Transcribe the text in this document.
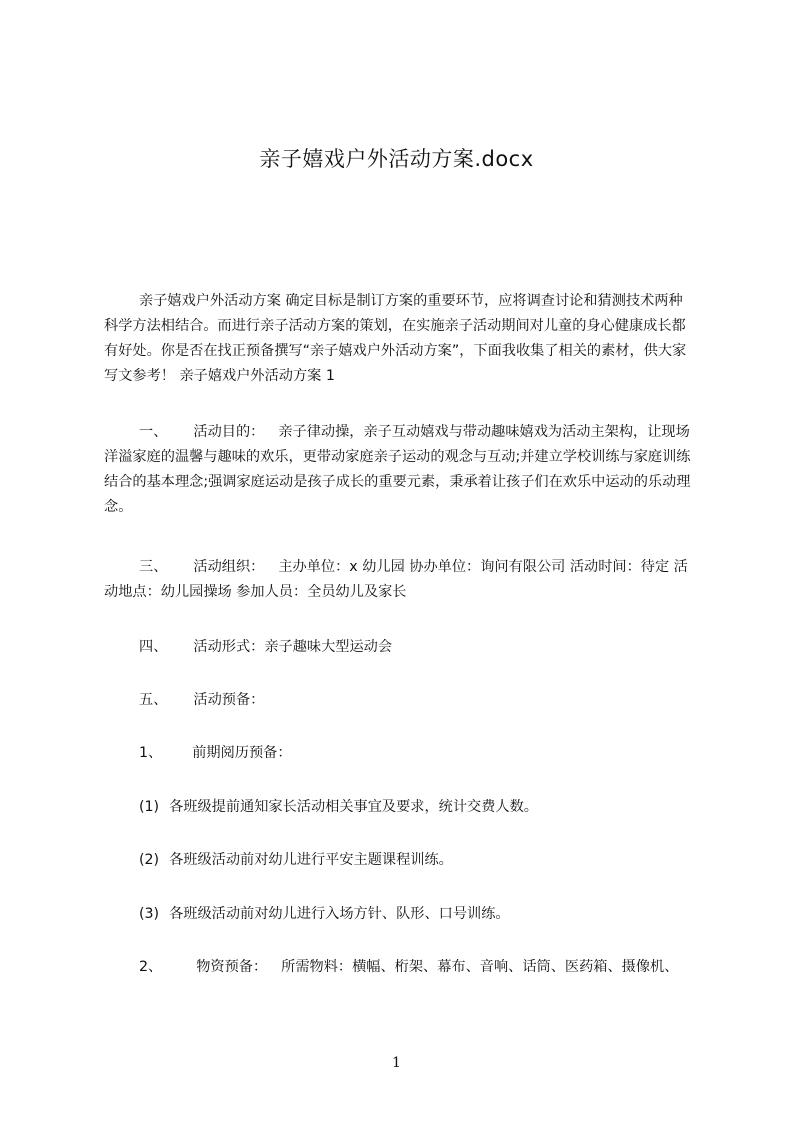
亲子嬉戏户外活动方案.docx

亲子嬉戏户外活动方案 确定目标是制订方案的重要环节，应将调查讨论和猜测技术两种科学方法相结合。而进行亲子活动方案的策划，在实施亲子活动期间对儿童的身心健康成长都有好处。你是否在找正预备撰写“亲子嬉戏户外活动方案”，下面我收集了相关的素材，供大家写文参考！ 亲子嬉戏户外活动方案 1

一、 活动目的： 亲子律动操，亲子互动嬉戏与带动趣味嬉戏为活动主架构，让现场洋溢家庭的温馨与趣味的欢乐，更带动家庭亲子运动的观念与互动;并建立学校训练与家庭训练结合的基本理念;强调家庭运动是孩子成长的重要元素，秉承着让孩子们在欢乐中运动的乐动理念。

三、 活动组织： 主办单位：x 幼儿园 协办单位：询问有限公司 活动时间：待定 活动地点：幼儿园操场 参加人员：全员幼儿及家长

四、 活动形式：亲子趣味大型运动会
五、 活动预备：
1、 前期阅历预备：
(1) 各班级提前通知家长活动相关事宜及要求，统计交费人数。
(2) 各班级活动前对幼儿进行平安主题课程训练。
(3) 各班级活动前对幼儿进行入场方针、队形、口号训练。

2、 物资预备： 所需物料：横幅、桁架、幕布、音响、话筒、医药箱、摄像机、

1
